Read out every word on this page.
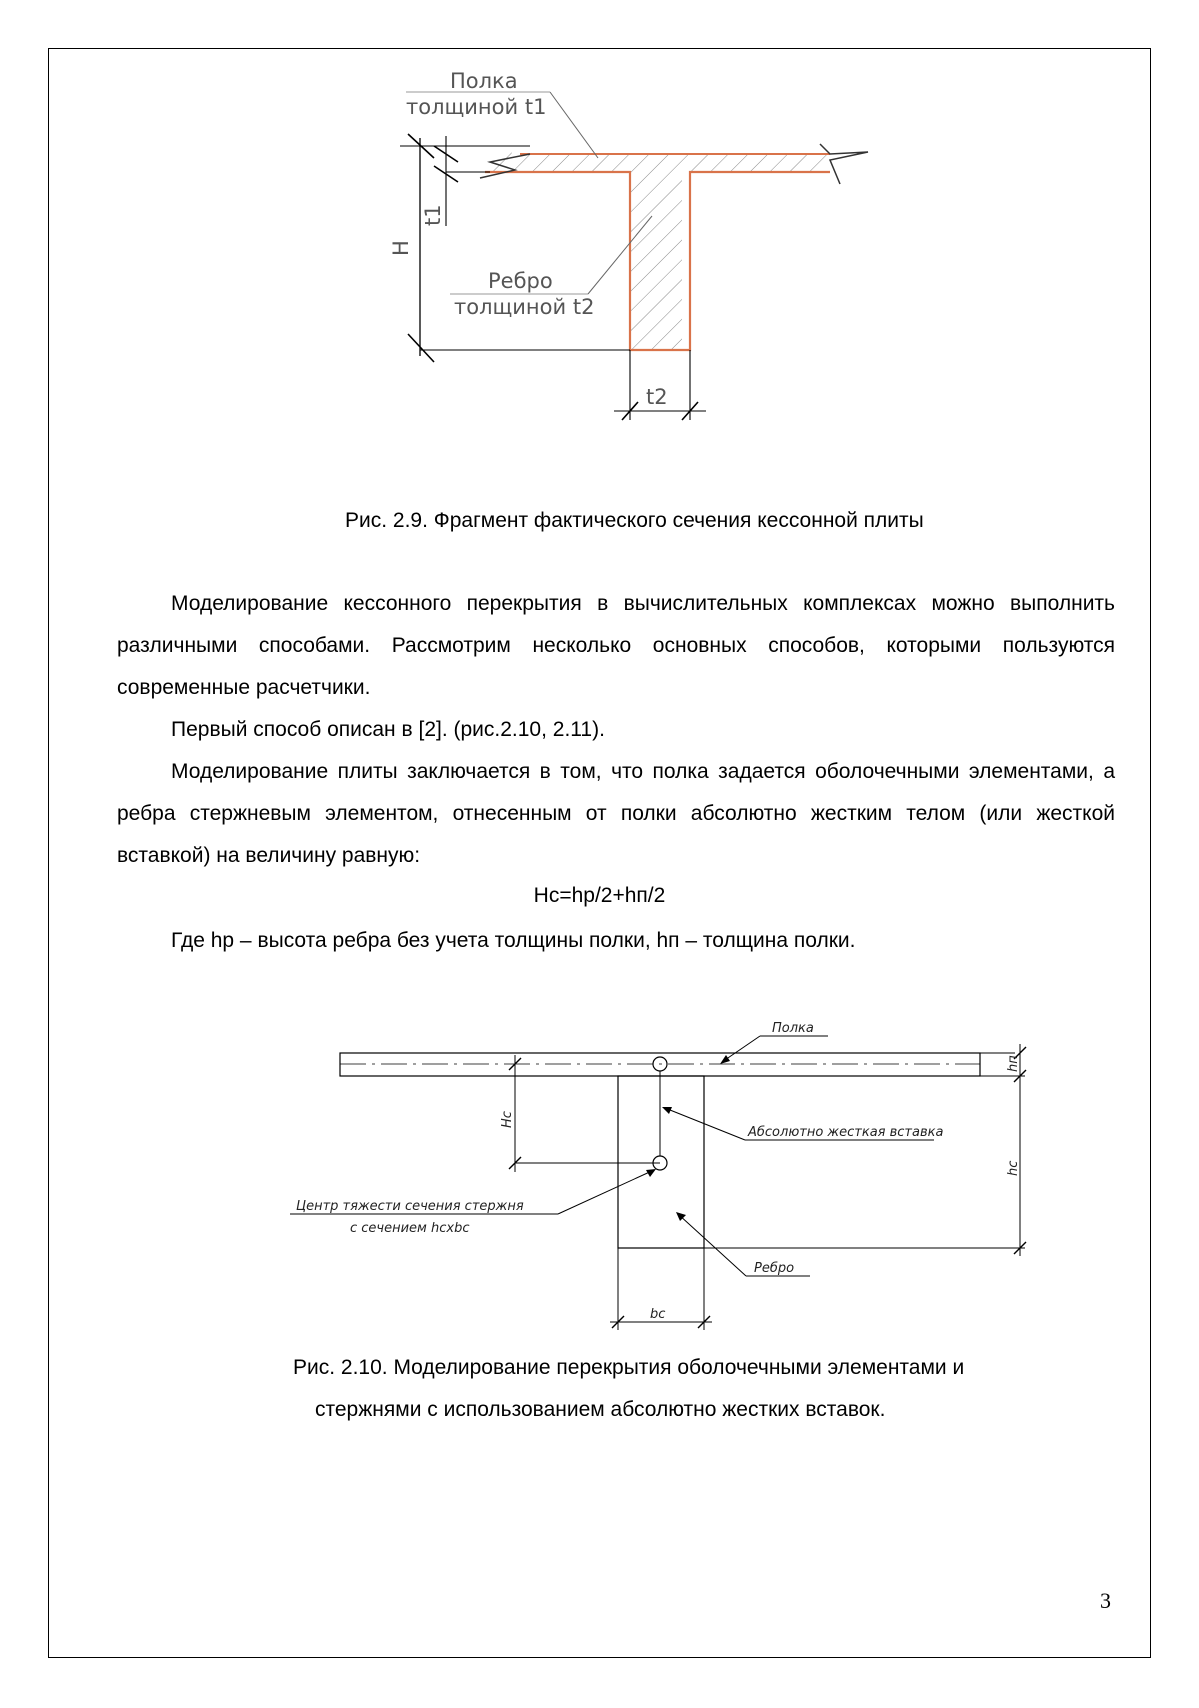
H
t1
t2
Полка
толщиной t1
Ребро
толщиной t2
Рис. 2.9. Фрагмент фактического сечения кессонной плиты
Моделирование кессонного перекрытия в вычислительных комплексах можно выполнить различными способами. Рассмотрим несколько основных способов, которыми пользуются современные расчетчики.
Первый способ описан в [2]. (рис.2.10, 2.11).
Моделирование плиты заключается в том, что полка задается оболочечными элементами, а ребра стержневым элементом, отнесенным от полки абсолютно жестким телом (или жесткой вставкой) на величину равную:
Hc=hp/2+hп/2
Где hp – высота ребра без учета толщины полки, hп – толщина полки.
Hc
hп
hc
bc
Полка
Абсолютно жесткая вставка
Центр тяжести сечения стержня
с сечением hcxbc
Ребро
Рис. 2.10. Моделирование перекрытия оболочечными элементами и
стержнями с использованием абсолютно жестких вставок.
3
